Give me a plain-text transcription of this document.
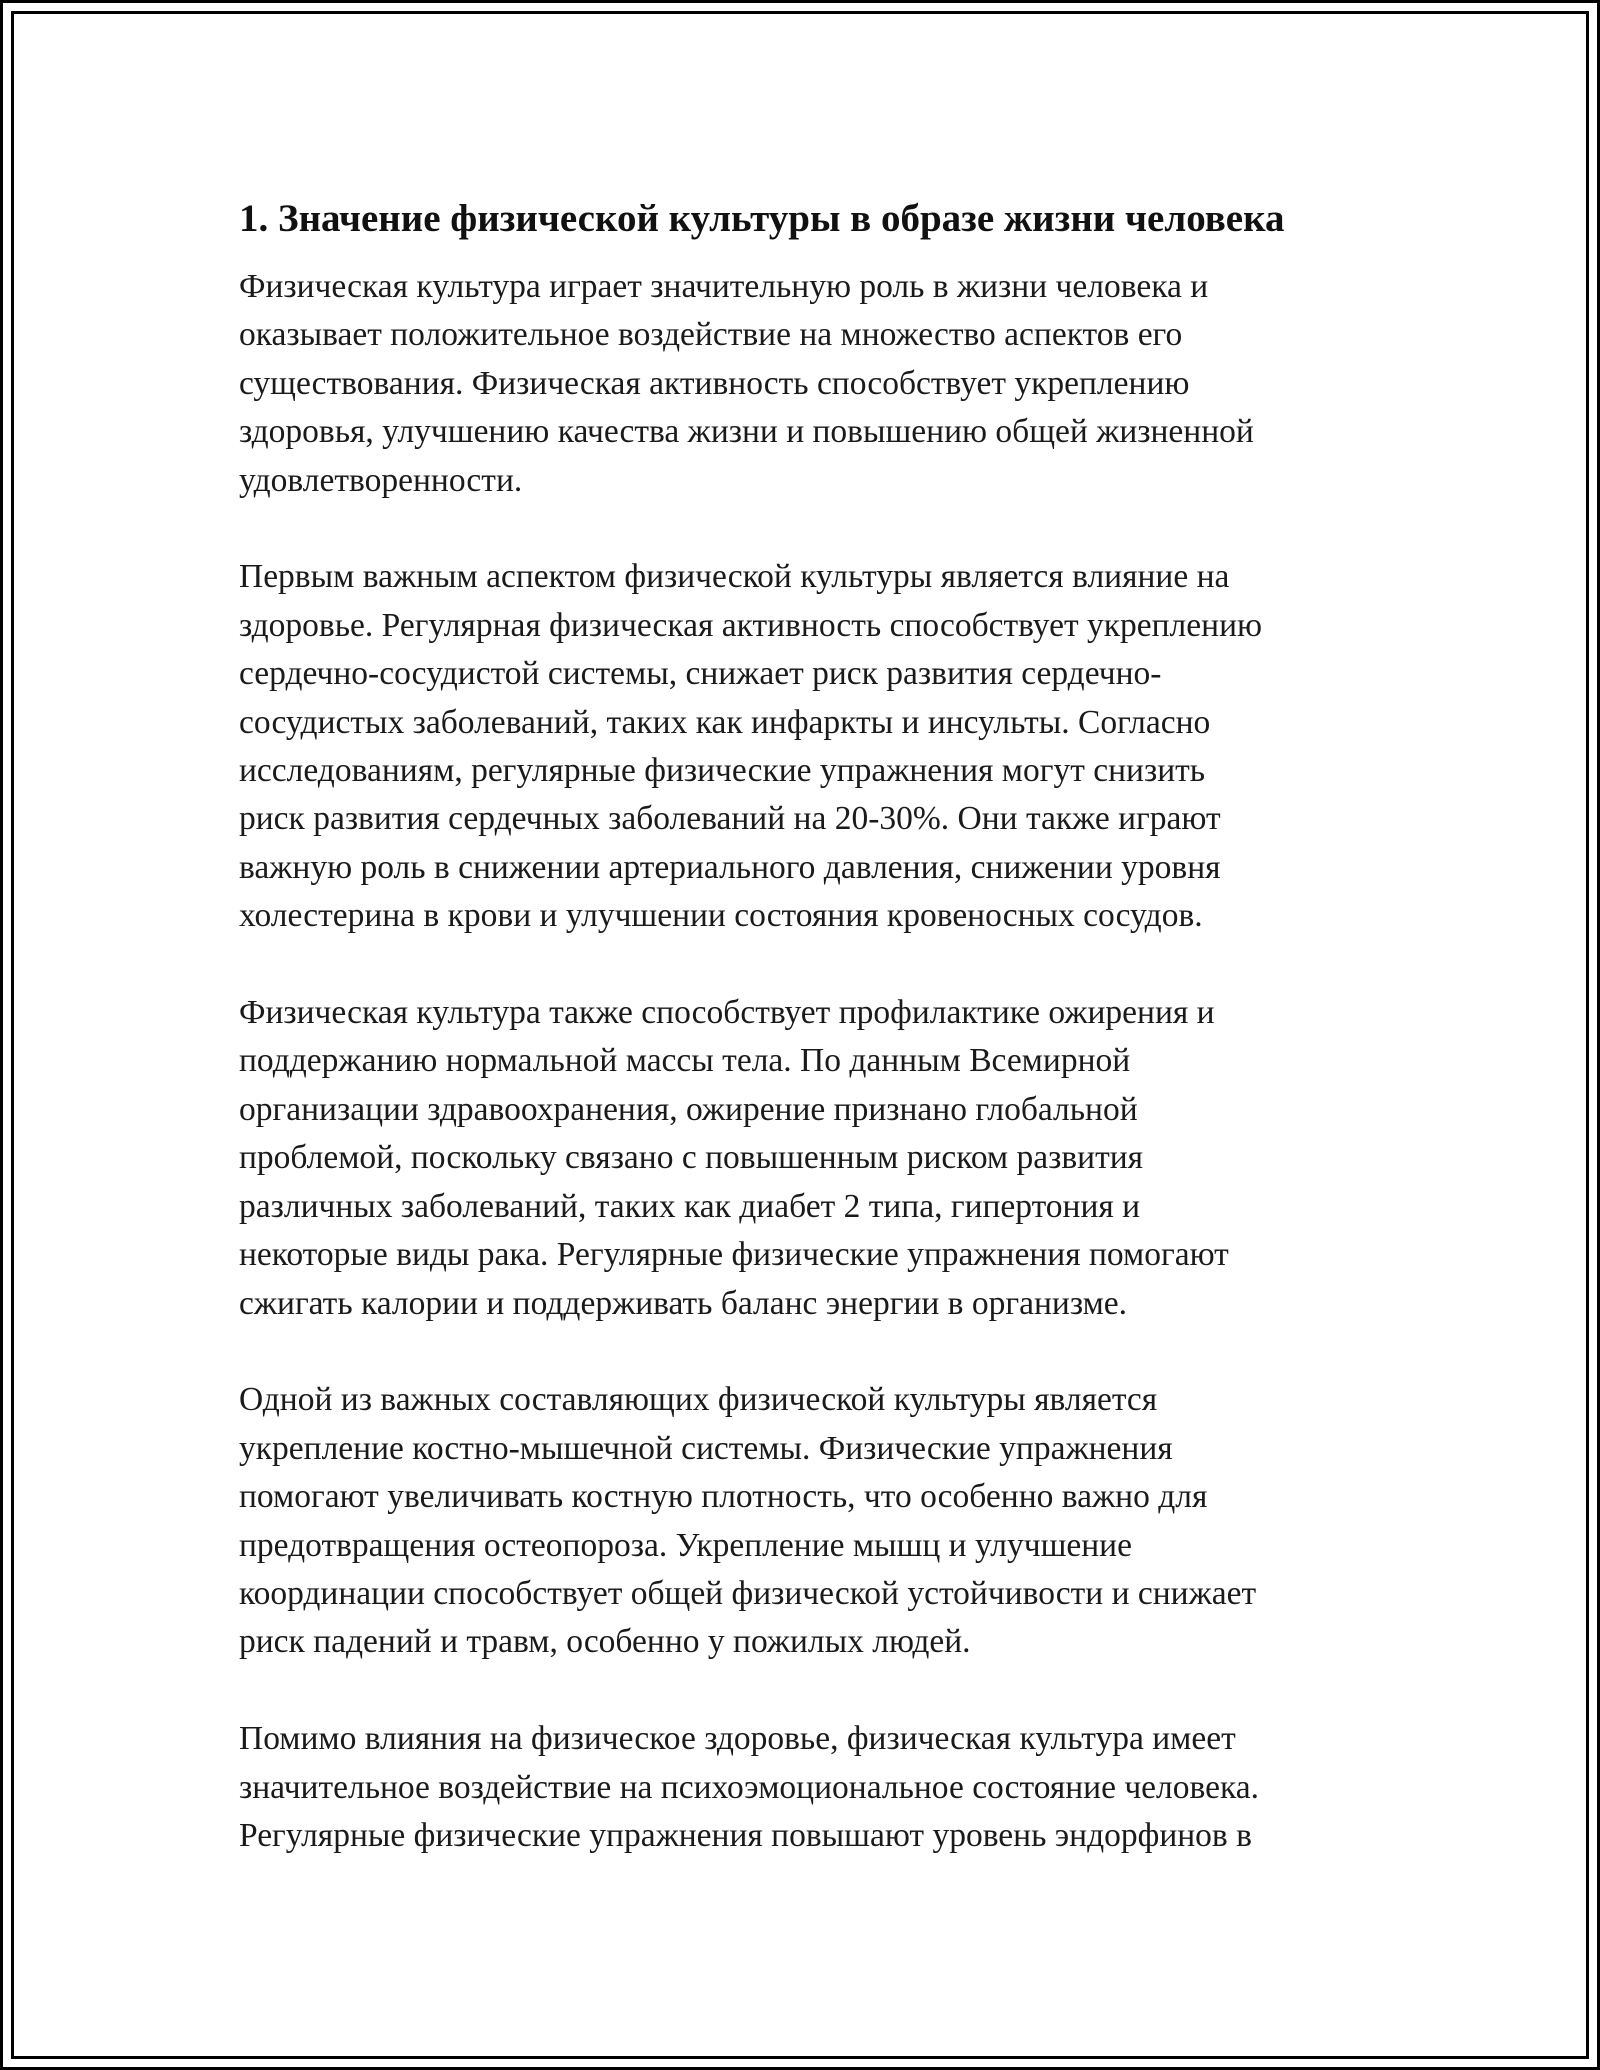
1. Значение физической культуры в образе жизни человека
Физическая культура играет значительную роль в жизни человека и
оказывает положительное воздействие на множество аспектов его
существования. Физическая активность способствует укреплению
здоровья, улучшению качества жизни и повышению общей жизненной
удовлетворенности.
Первым важным аспектом физической культуры является влияние на
здоровье. Регулярная физическая активность способствует укреплению
сердечно-сосудистой системы, снижает риск развития сердечно-
сосудистых заболеваний, таких как инфаркты и инсульты. Согласно
исследованиям, регулярные физические упражнения могут снизить
риск развития сердечных заболеваний на 20-30%. Они также играют
важную роль в снижении артериального давления, снижении уровня
холестерина в крови и улучшении состояния кровеносных сосудов.
Физическая культура также способствует профилактике ожирения и
поддержанию нормальной массы тела. По данным Всемирной
организации здравоохранения, ожирение признано глобальной
проблемой, поскольку связано с повышенным риском развития
различных заболеваний, таких как диабет 2 типа, гипертония и
некоторые виды рака. Регулярные физические упражнения помогают
сжигать калории и поддерживать баланс энергии в организме.
Одной из важных составляющих физической культуры является
укрепление костно-мышечной системы. Физические упражнения
помогают увеличивать костную плотность, что особенно важно для
предотвращения остеопороза. Укрепление мышц и улучшение
координации способствует общей физической устойчивости и снижает
риск падений и травм, особенно у пожилых людей.
Помимо влияния на физическое здоровье, физическая культура имеет
значительное воздействие на психоэмоциональное состояние человека.
Регулярные физические упражнения повышают уровень эндорфинов в
